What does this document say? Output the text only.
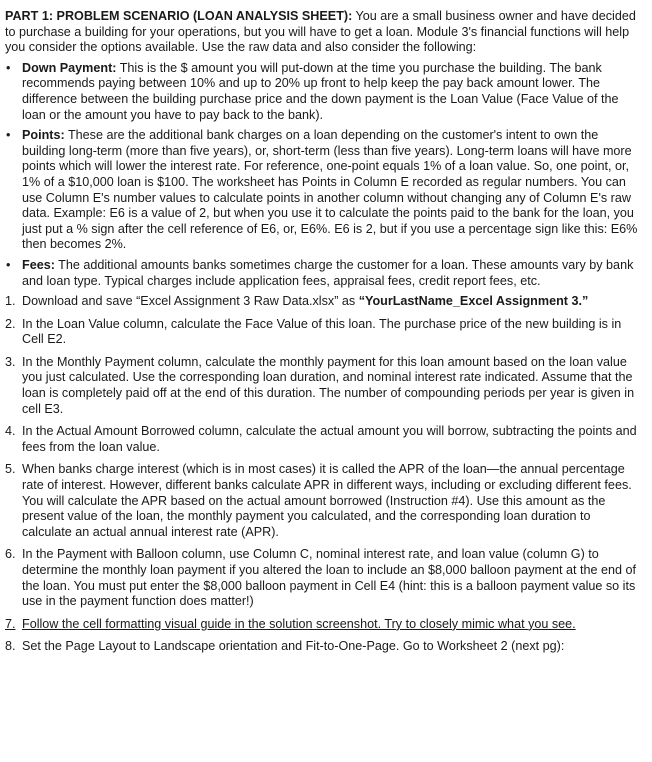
PART 1: PROBLEM SCENARIO (LOAN ANALYSIS SHEET): You are a small business owner and have decided to purchase a building for your operations, but you will have to get a loan. Module 3's financial functions will help you consider the options available. Use the raw data and also consider the following:

• Down Payment: This is the $ amount you will put-down at the time you purchase the building. The bank recommends paying between 10% and up to 20% up front to help keep the pay back amount lower. The difference between the building purchase price and the down payment is the Loan Value (Face Value of the loan or the amount you have to pay back to the bank).
• Points: These are the additional bank charges on a loan depending on the customer's intent to own the building long-term (more than five years), or, short-term (less than five years). Long-term loans will have more points which will lower the interest rate. For reference, one-point equals 1% of a loan value. So, one point, or, 1% of a $10,000 loan is $100. The worksheet has Points in Column E recorded as regular numbers. You can use Column E's number values to calculate points in another column without changing any of Column E's raw data. Example: E6 is a value of 2, but when you use it to calculate the points paid to the bank for the loan, you just put a % sign after the cell reference of E6, or, E6%. E6 is 2, but if you use a percentage sign like this: E6% then becomes 2%.
• Fees: The additional amounts banks sometimes charge the customer for a loan. These amounts vary by bank and loan type. Typical charges include application fees, appraisal fees, credit report fees, etc.
1. Download and save “Excel Assignment 3 Raw Data.xlsx” as “YourLastName_Excel Assignment 3.”
2. In the Loan Value column, calculate the Face Value of this loan. The purchase price of the new building is in Cell E2.
3. In the Monthly Payment column, calculate the monthly payment for this loan amount based on the loan value you just calculated. Use the corresponding loan duration, and nominal interest rate indicated. Assume that the loan is completely paid off at the end of this duration. The number of compounding periods per year is given in cell E3.
4. In the Actual Amount Borrowed column, calculate the actual amount you will borrow, subtracting the points and fees from the loan value.
5. When banks charge interest (which is in most cases) it is called the APR of the loan—the annual percentage rate of interest. However, different banks calculate APR in different ways, including or excluding different fees. You will calculate the APR based on the actual amount borrowed (Instruction #4). Use this amount as the present value of the loan, the monthly payment you calculated, and the corresponding loan duration to calculate an actual annual interest rate (APR).
6. In the Payment with Balloon column, use Column C, nominal interest rate, and loan value (column G) to determine the monthly loan payment if you altered the loan to include an $8,000 balloon payment at the end of the loan. You must put enter the $8,000 balloon payment in Cell E4 (hint: this is a balloon payment value so its use in the payment function does matter!)
7. Follow the cell formatting visual guide in the solution screenshot. Try to closely mimic what you see.
8. Set the Page Layout to Landscape orientation and Fit-to-One-Page. Go to Worksheet 2 (next pg):
